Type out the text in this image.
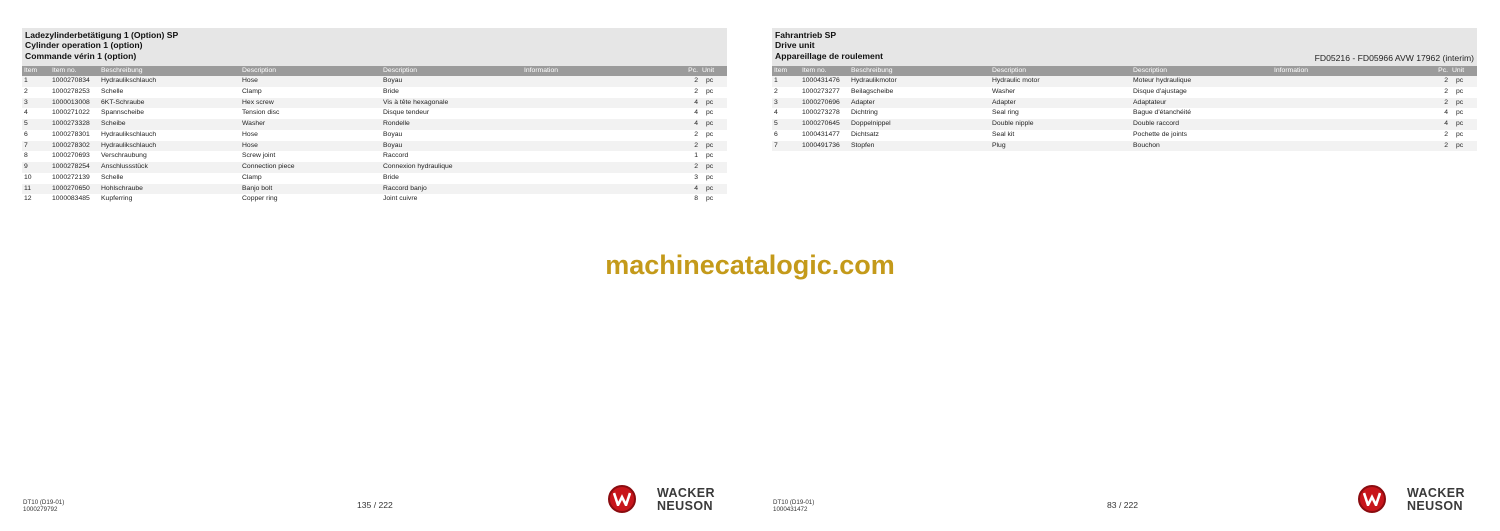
Ladezylinderbetätigung 1 (Option) SP
Cylinder operation 1 (option)
Commande vérin 1 (option)
Item	Item no.	Beschreibung	Description	Description	Information	Pc.	Unit
1	1000270834	Hydraulikschlauch	Hose	Boyau		2	pc
2	1000278253	Schelle	Clamp	Bride		2	pc
3	1000013008	6KT-Schraube	Hex screw	Vis à tête hexagonale		4	pc
4	1000271022	Spannscheibe	Tension disc	Disque tendeur		4	pc
5	1000273328	Scheibe	Washer	Rondelle		4	pc
6	1000278301	Hydraulikschlauch	Hose	Boyau		2	pc
7	1000278302	Hydraulikschlauch	Hose	Boyau		2	pc
8	1000270693	Verschraubung	Screw joint	Raccord		1	pc
9	1000278254	Anschlussstück	Connection piece	Connexion hydraulique		2	pc
10	1000272139	Schelle	Clamp	Bride		3	pc
11	1000270650	Hohlschraube	Banjo bolt	Raccord banjo		4	pc
12	1000083485	Kupferring	Copper ring	Joint cuivre		8	pc
DT10 (D19-01)
1000279792	135 / 222
WACKER
NEUSON
Fahrantrieb SP
Drive unit
Appareillage de roulement	FD05216 - FD05966 AVW 17962 (interim)
Item	Item no.	Beschreibung	Description	Description	Information	Pc.	Unit
1	1000431476	Hydraulikmotor	Hydraulic motor	Moteur hydraulique		2	pc
2	1000273277	Beilagscheibe	Washer	Disque d'ajustage		2	pc
3	1000270696	Adapter	Adapter	Adaptateur		2	pc
4	1000273278	Dichtring	Seal ring	Bague d'étanchéité		4	pc
5	1000270645	Doppelnippel	Double nipple	Double raccord		4	pc
6	1000431477	Dichtsatz	Seal kit	Pochette de joints		2	pc
7	1000491736	Stopfen	Plug	Bouchon		2	pc
DT10 (D19-01)
1000431472	83 / 222
WACKER
NEUSON
machinecatalogic.com
